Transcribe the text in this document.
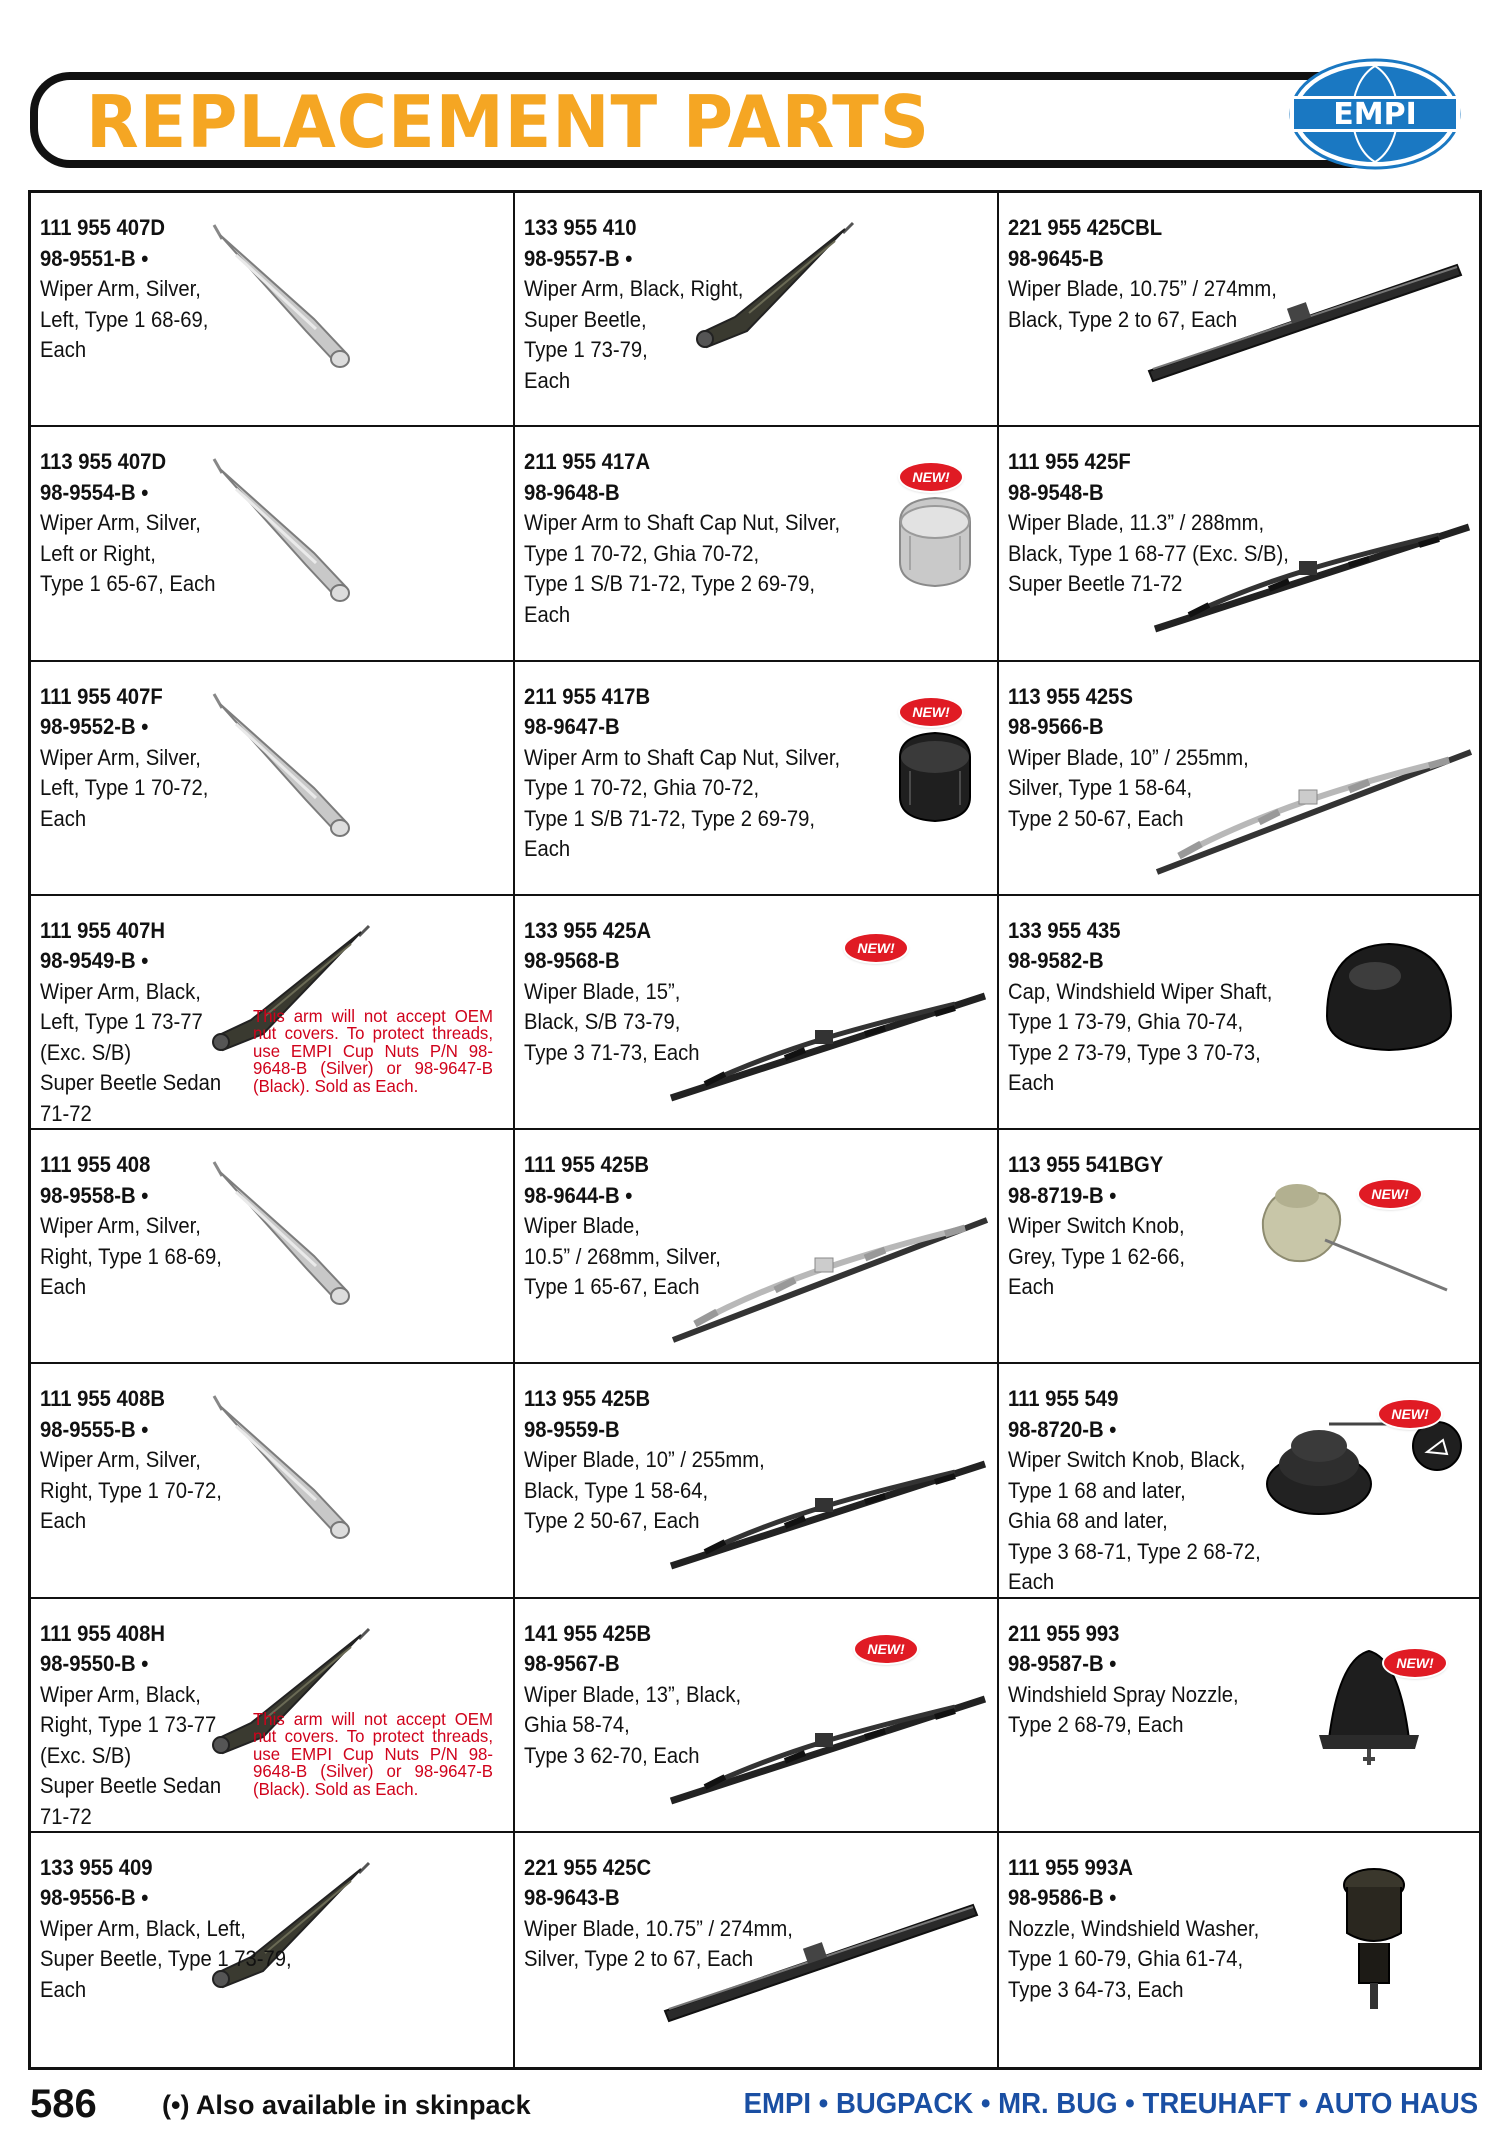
REPLACEMENT PARTS	EMPI
111 955 407D
98-9551-B •
Wiper Arm, Silver,
Left, Type 1 68-69,
Each
133 955 410
98-9557-B •
Wiper Arm, Black, Right,
Super Beetle,
Type 1 73-79,
Each
221 955 425CBL
98-9645-B
Wiper Blade, 10.75” / 274mm,
Black, Type 2 to 67, Each
113 955 407D
98-9554-B •
Wiper Arm, Silver,
Left or Right,
Type 1 65-67, Each
211 955 417A
98-9648-B
Wiper Arm to Shaft Cap Nut, Silver,
Type 1 70-72, Ghia 70-72,
Type 1 S/B 71-72, Type 2 69-79,
Each
NEW!
111 955 425F
98-9548-B
Wiper Blade, 11.3” / 288mm,
Black, Type 1 68-77 (Exc. S/B),
Super Beetle 71-72
111 955 407F
98-9552-B •
Wiper Arm, Silver,
Left, Type 1 70-72,
Each
211 955 417B
98-9647-B
Wiper Arm to Shaft Cap Nut, Silver,
Type 1 70-72, Ghia 70-72,
Type 1 S/B 71-72, Type 2 69-79,
Each
NEW!
113 955 425S
98-9566-B
Wiper Blade, 10” / 255mm,
Silver, Type 1 58-64,
Type 2 50-67, Each
111 955 407H
98-9549-B •
Wiper Arm, Black,
Left, Type 1 73-77
(Exc. S/B)
Super Beetle Sedan
71-72
This arm will not accept OEM nut covers. To protect threads, use EMPI Cup Nuts P/N 98-9648-B (Silver) or 98-9647-B (Black). Sold as Each.
133 955 425A
98-9568-B
Wiper Blade, 15”,
Black, S/B 73-79,
Type 3 71-73, Each
NEW!
133 955 435
98-9582-B
Cap, Windshield Wiper Shaft,
Type 1 73-79, Ghia 70-74,
Type 2 73-79, Type 3 70-73,
Each
111 955 408
98-9558-B •
Wiper Arm, Silver,
Right, Type 1 68-69,
Each
111 955 425B
98-9644-B •
Wiper Blade,
10.5” / 268mm, Silver,
Type 1 65-67, Each
113 955 541BGY
98-8719-B •
Wiper Switch Knob,
Grey, Type 1 62-66,
Each
NEW!
111 955 408B
98-9555-B •
Wiper Arm, Silver,
Right, Type 1 70-72,
Each
113 955 425B
98-9559-B
Wiper Blade, 10” / 255mm,
Black, Type 1 58-64,
Type 2 50-67, Each
111 955 549
98-8720-B •
Wiper Switch Knob, Black,
Type 1 68 and later,
Ghia 68 and later,
Type 3 68-71, Type 2 68-72,
Each
NEW!
111 955 408H
98-9550-B •
Wiper Arm, Black,
Right, Type 1 73-77
(Exc. S/B)
Super Beetle Sedan
71-72
This arm will not accept OEM nut covers. To protect threads, use EMPI Cup Nuts P/N 98-9648-B (Silver) or 98-9647-B (Black). Sold as Each.
141 955 425B
98-9567-B
Wiper Blade, 13”, Black,
Ghia 58-74,
Type 3 62-70, Each
NEW!
211 955 993
98-9587-B •
Windshield Spray Nozzle,
Type 2 68-79, Each
NEW!
133 955 409
98-9556-B •
Wiper Arm, Black, Left,
Super Beetle, Type 1 73-79,
Each
221 955 425C
98-9643-B
Wiper Blade, 10.75” / 274mm,
Silver, Type 2 to 67, Each
111 955 993A
98-9586-B •
Nozzle, Windshield Washer,
Type 1 60-79, Ghia 61-74,
Type 3 64-73, Each
586 (•) Also available in skinpack	EMPI • BUGPACK • MR. BUG • TREUHAFT • AUTO HAUS
